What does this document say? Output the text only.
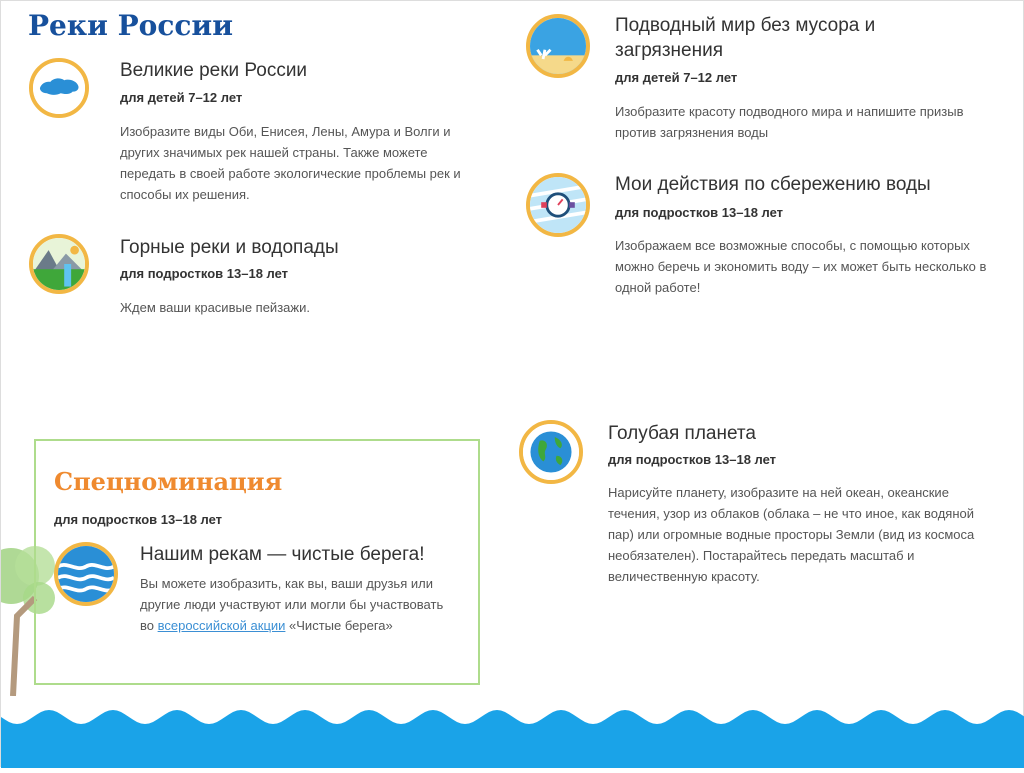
Реки России
Великие реки России
для детей 7–12 лет
Изобразите виды Оби, Енисея, Лены, Амура и Волги и других значимых рек нашей страны. Также можете передать в своей работе экологические проблемы рек и способы их решения.
Горные реки и водопады
для подростков 13–18 лет
Ждем ваши красивые пейзажи.
Подводный мир без мусора и
загрязнения
для детей 7–12 лет
Изобразите красоту подводного мира и напишите призыв против загрязнения воды
Мои действия по сбережению воды
для подростков 13–18 лет
Изображаем все возможные способы, с помощью которых можно беречь и экономить воду – их может быть несколько в одной работе!
Голубая планета
для подростков 13–18 лет
Нарисуйте планету, изобразите на ней океан, океанские течения, узор из облаков (облака – не что иное, как водяной пар) или огромные водные просторы Земли (вид из космоса необязателен). Постарайтесь передать масштаб и величественную красоту.
Спецноминация
для подростков 13–18 лет
Нашим рекам — чистые берега!
Вы можете изобразить, как вы, ваши друзья или другие люди участвуют или могли бы участвовать во всероссийской акции «Чистые берега»
